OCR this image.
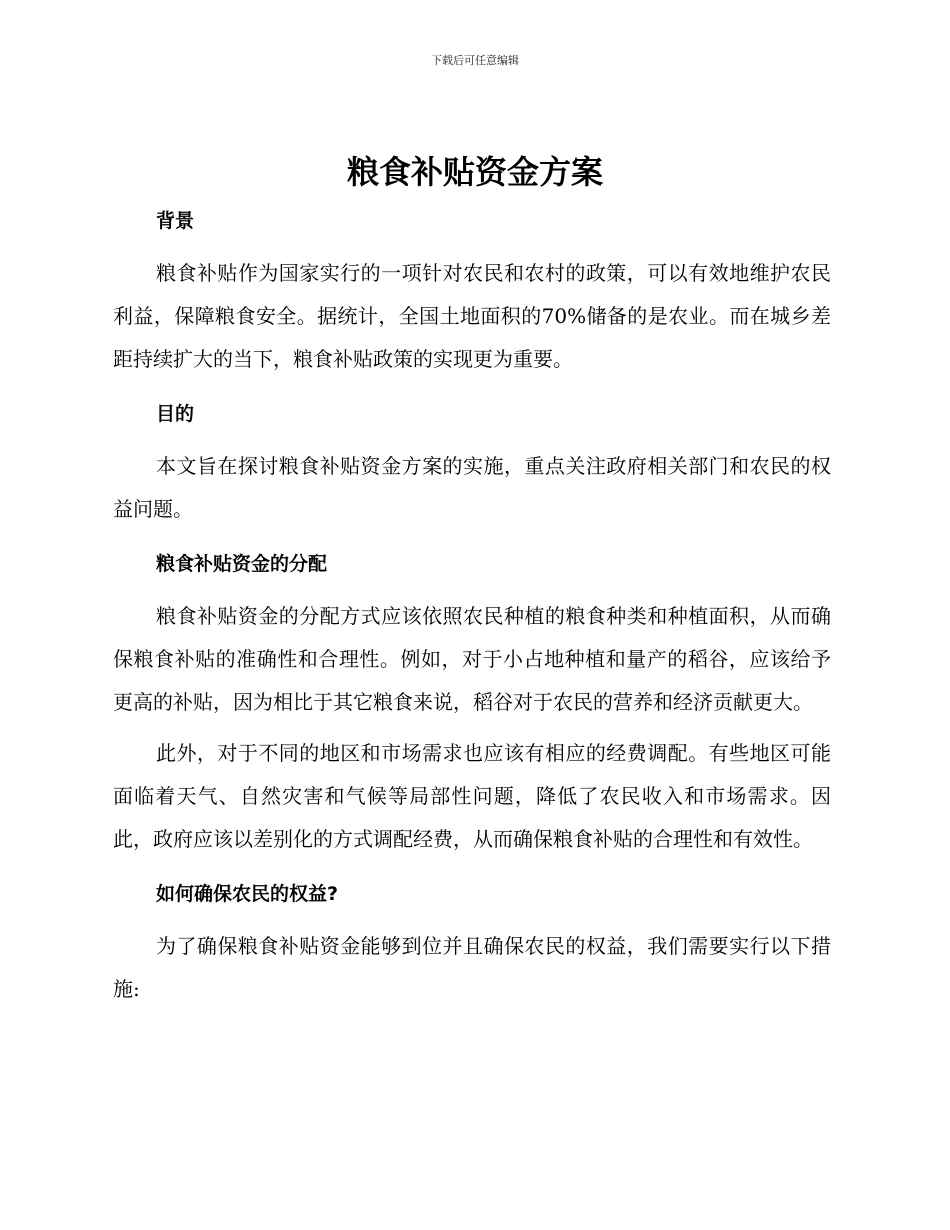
下载后可任意编辑
粮食补贴资金方案
背景

粮食补贴作为国家实行的一项针对农民和农村的政策，可以有效地维护农民利益，保障粮食安全。据统计，全国土地面积的70%储备的是农业。而在城乡差距持续扩大的当下，粮食补贴政策的实现更为重要。

目的

本文旨在探讨粮食补贴资金方案的实施，重点关注政府相关部门和农民的权益问题。

粮食补贴资金的分配

粮食补贴资金的分配方式应该依照农民种植的粮食种类和种植面积，从而确保粮食补贴的准确性和合理性。例如，对于小占地种植和量产的稻谷，应该给予更高的补贴，因为相比于其它粮食来说，稻谷对于农民的营养和经济贡献更大。

此外，对于不同的地区和市场需求也应该有相应的经费调配。有些地区可能面临着天气、自然灾害和气候等局部性问题，降低了农民收入和市场需求。因此，政府应该以差别化的方式调配经费，从而确保粮食补贴的合理性和有效性。

如何确保农民的权益?

为了确保粮食补贴资金能够到位并且确保农民的权益，我们需要实行以下措施:
